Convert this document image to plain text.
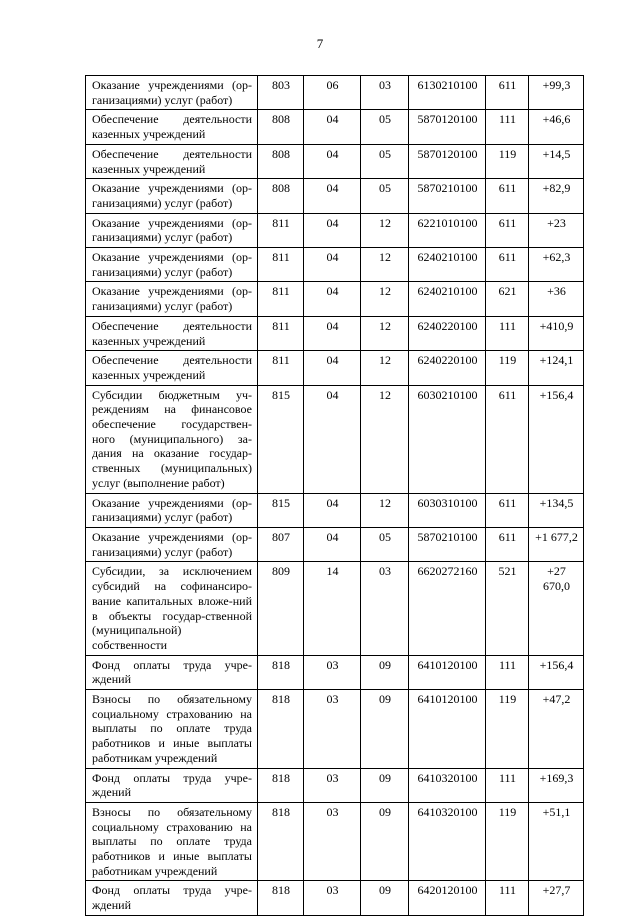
7
Оказание учреждениями (ор-ганизациями) услуг (работ)	803	06	03	6130210100	611	+99,3
Обеспечение деятельности казенных учреждений	808	04	05	5870120100	111	+46,6
Обеспечение деятельности казенных учреждений	808	04	05	5870120100	119	+14,5
Оказание учреждениями (ор-ганизациями) услуг (работ)	808	04	05	5870210100	611	+82,9
Оказание учреждениями (ор-ганизациями) услуг (работ)	811	04	12	6221010100	611	+23
Оказание учреждениями (ор-ганизациями) услуг (работ)	811	04	12	6240210100	611	+62,3
Оказание учреждениями (ор-ганизациями) услуг (работ)	811	04	12	6240210100	621	+36
Обеспечение деятельности казенных учреждений	811	04	12	6240220100	111	+410,9
Обеспечение деятельности казенных учреждений	811	04	12	6240220100	119	+124,1
Субсидии бюджетным уч-реждениям на финансовое обеспечение государствен-ного (муниципального) за-дания на оказание государ-ственных (муниципальных) услуг (выполнение работ)	815	04	12	6030210100	611	+156,4
Оказание учреждениями (ор-ганизациями) услуг (работ)	815	04	12	6030310100	611	+134,5
Оказание учреждениями (ор-ганизациями) услуг (работ)	807	04	05	5870210100	611	+1 677,2
Субсидии, за исключением субсидий на софинансиро-вание капитальных вложе-ний в объекты государ-ственной (муниципальной) собственности	809	14	03	6620272160	521	+27 670,0
Фонд оплаты труда учре-ждений	818	03	09	6410120100	111	+156,4
Взносы по обязательному социальному страхованию на выплаты по оплате труда работников и иные выплаты работникам учреждений	818	03	09	6410120100	119	+47,2
Фонд оплаты труда учре-ждений	818	03	09	6410320100	111	+169,3
Взносы по обязательному социальному страхованию на выплаты по оплате труда работников и иные выплаты работникам учреждений	818	03	09	6410320100	119	+51,1
Фонд оплаты труда учре-ждений	818	03	09	6420120100	111	+27,7
